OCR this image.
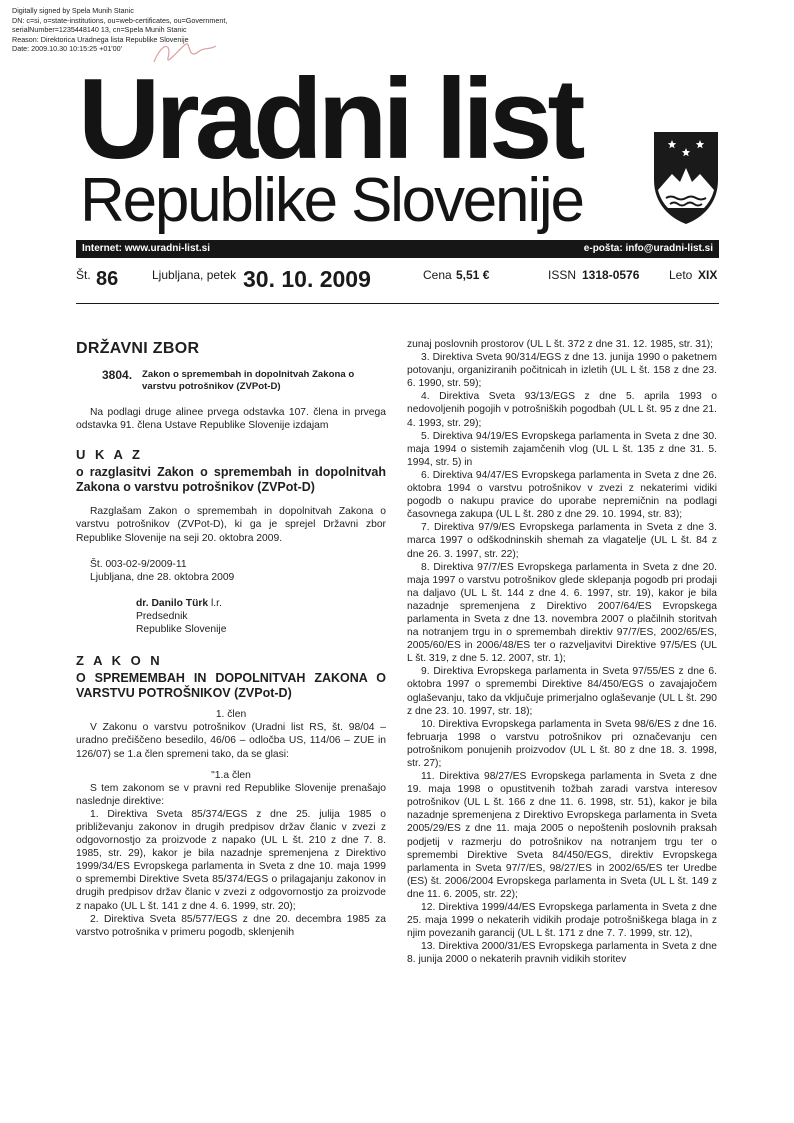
Digitally signed by Spela Munih Stanic
DN: c=si, o=state-institutions, ou=web-certificates, ou=Government,
serialNumber=1235448140 13, cn=Spela Munih Stanic
Reason: Direktorica Uradnega lista Republike Slovenije
Date: 2009.10.30 10:15:25 +01'00'
Uradni list
Republike Slovenije
Internet: www.uradni-list.si	e-pošta: info@uradni-list.si
Št. 86	Ljubljana, petek 30. 10. 2009	Cena 5,51 €	ISSN 1318-0576 Leto XIX

DRŽAVNI ZBOR

3804. Zakon o spremembah in dopolnitvah Zakona o varstvu potrošnikov (ZVPot-D)

Na podlagi druge alinee prvega odstavka 107. člena in prvega odstavka 91. člena Ustave Republike Slovenije izdajam

U K A Z

o razglasitvi Zakon o spremembah in dopolnitvah Zakona o varstvu potrošnikov (ZVPot-D)

Razglašam Zakon o spremembah in dopolnitvah Zakona o varstvu potrošnikov (ZVPot-D), ki ga je sprejel Državni zbor Republike Slovenije na seji 20. oktobra 2009.

Št. 003-02-9/2009-11

Ljubljana, dne 28. oktobra 2009

dr. Danilo Türk l.r.

Predsednik

Republike Slovenije

Z A K O N

O SPREMEMBAH IN DOPOLNITVAH ZAKONA O VARSTVU POTROŠNIKOV (ZVPot-D)

1. člen

V Zakonu o varstvu potrošnikov (Uradni list RS, št. 98/04 – uradno prečiščeno besedilo, 46/06 – odločba US, 114/06 – ZUE in 126/07) se 1.a člen spremeni tako, da se glasi:

"1.a člen

S tem zakonom se v pravni red Republike Slovenije prenašajo naslednje direktive:

1. Direktiva Sveta 85/374/EGS z dne 25. julija 1985 o približevanju zakonov in drugih predpisov držav članic v zvezi z odgovornostjo za proizvode z napako (UL L št. 210 z dne 7. 8. 1985, str. 29), kakor je bila nazadnje spremenjena z Direktivo 1999/34/ES Evropskega parlamenta in Sveta z dne 10. maja 1999 o spremembi Direktive Sveta 85/374/EGS o prilagajanju zakonov in drugih predpisov držav članic v zvezi z odgovornostjo za proizvode z napako (UL L št. 141 z dne 4. 6. 1999, str. 20);

2. Direktiva Sveta 85/577/EGS z dne 20. decembra 1985 za varstvo potrošnika v primeru pogodb, sklenjenih

zunaj poslovnih prostorov (UL L št. 372 z dne 31. 12. 1985, str. 31);

3. Direktiva Sveta 90/314/EGS z dne 13. junija 1990 o paketnem potovanju, organiziranih počitnicah in izletih (UL L št. 158 z dne 23. 6. 1990, str. 59);

4. Direktiva Sveta 93/13/EGS z dne 5. aprila 1993 o nedovoljenih pogojih v potrošniških pogodbah (UL L št. 95 z dne 21. 4. 1993, str. 29);

5. Direktiva 94/19/ES Evropskega parlamenta in Sveta z dne 30. maja 1994 o sistemih zajamčenih vlog (UL L št. 135 z dne 31. 5. 1994, str. 5) in

6. Direktiva 94/47/ES Evropskega parlamenta in Sveta z dne 26. oktobra 1994 o varstvu potrošnikov v zvezi z nekaterimi vidiki pogodb o nakupu pravice do uporabe nepremičnin na podlagi časovnega zakupa (UL L št. 280 z dne 29. 10. 1994, str. 83);

7. Direktiva 97/9/ES Evropskega parlamenta in Sveta z dne 3. marca 1997 o odškodninskih shemah za vlagatelje (UL L št. 84 z dne 26. 3. 1997, str. 22);

8. Direktiva 97/7/ES Evropskega parlamenta in Sveta z dne 20. maja 1997 o varstvu potrošnikov glede sklepanja pogodb pri prodaji na daljavo (UL L št. 144 z dne 4. 6. 1997, str. 19), kakor je bila nazadnje spremenjena z Direktivo 2007/64/ES Evropskega parlamenta in Sveta z dne 13. novembra 2007 o plačilnih storitvah na notranjem trgu in o spremembah direktiv 97/7/ES, 2002/65/ES, 2005/60/ES in 2006/48/ES ter o razveljavitvi Direktive 97/5/ES (UL L št. 319, z dne 5. 12. 2007, str. 1);

9. Direktiva Evropskega parlamenta in Sveta 97/55/ES z dne 6. oktobra 1997 o spremembi Direktive 84/450/EGS o zavajajočem oglaševanju, tako da vključuje primerjalno oglaševanje (UL L št. 290 z dne 23. 10. 1997, str. 18);

10. Direktiva Evropskega parlamenta in Sveta 98/6/ES z dne 16. februarja 1998 o varstvu potrošnikov pri označevanju cen potrošnikom ponujenih proizvodov (UL L št. 80 z dne 18. 3. 1998, str. 27);

11. Direktiva 98/27/ES Evropskega parlamenta in Sveta z dne 19. maja 1998 o opustitvenih tožbah zaradi varstva interesov potrošnikov (UL L št. 166 z dne 11. 6. 1998, str. 51), kakor je bila nazadnje spremenjena z Direktivo Evropskega parlamenta in Sveta 2005/29/ES z dne 11. maja 2005 o nepoštenih poslovnih praksah podjetij v razmerju do potrošnikov na notranjem trgu ter o spremembi Direktive Sveta 84/450/EGS, direktiv Evropskega parlamenta in Sveta 97/7/ES, 98/27/ES in 2002/65/ES ter Uredbe (ES) št. 2006/2004 Evropskega parlamenta in Sveta (UL L št. 149 z dne 11. 6. 2005, str. 22);

12. Direktiva 1999/44/ES Evropskega parlamenta in Sveta z dne 25. maja 1999 o nekaterih vidikih prodaje potrošniškega blaga in z njim povezanih garancij (UL L št. 171 z dne 7. 7. 1999, str. 12),

13. Direktiva 2000/31/ES Evropskega parlamenta in Sveta z dne 8. junija 2000 o nekaterih pravnih vidikih storitev
